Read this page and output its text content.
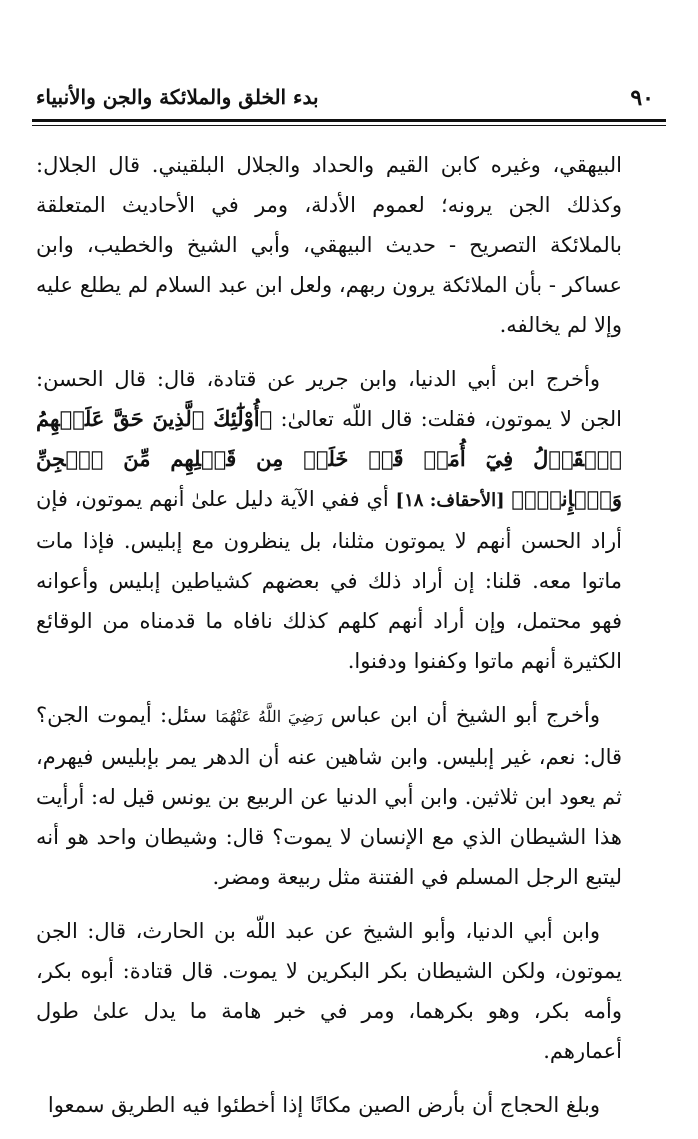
٩٠
بدء الخلق والملائكة والجن والأنبياء

البيهقي، وغيره كابن القيم والحداد والجلال البلقيني. قال الجلال: وكذلك الجن يرونه؛ لعموم الأدلة، ومر في الأحاديث المتعلقة بالملائكة التصريح - حديث البيهقي، وأبي الشيخ والخطيب، وابن عساكر - بأن الملائكة يرون ربهم، ولعل ابن عبد السلام لم يطلع عليه وإلا لم يخالفه.

وأخرج ابن أبي الدنيا، وابن جرير عن قتادة، قال: قال الحسن: الجن لا يموتون، فقلت: قال اللّه تعالىٰ: ﴿أُوْلَٰٓئِكَ ٱلَّذِينَ حَقَّ عَلَيۡهِمُ ٱلۡقَوۡلُ فِيٓ أُمَمٖ قَدۡ خَلَتۡ مِن قَبۡلِهِم مِّنَ ٱلۡجِنِّ وَٱلۡإِنسِۖ﴾ [الأحقاف: ١٨] أي ففي الآية دليل علىٰ أنهم يموتون، فإن أراد الحسن أنهم لا يموتون مثلنا، بل ينظرون مع إبليس. فإذا مات ماتوا معه. قلنا: إن أراد ذلك في بعضهم كشياطين إبليس وأعوانه فهو محتمل، وإن أراد أنهم كلهم كذلك نافاه ما قدمناه من الوقائع الكثيرة أنهم ماتوا وكفنوا ودفنوا.

وأخرج أبو الشيخ أن ابن عباس رَضِيَ اللَّهُ عَنْهُمَا سئل: أيموت الجن؟ قال: نعم، غير إبليس. وابن شاهين عنه أن الدهر يمر بإبليس فيهرم، ثم يعود ابن ثلاثين. وابن أبي الدنيا عن الربيع بن يونس قيل له: أرأيت هذا الشيطان الذي مع الإنسان لا يموت؟ قال: وشيطان واحد هو أنه ليتبع الرجل المسلم في الفتنة مثل ربيعة ومضر.

وابن أبي الدنيا، وأبو الشيخ عن عبد اللّه بن الحارث، قال: الجن يموتون، ولكن الشيطان بكر البكرين لا يموت. قال قتادة: أبوه بكر، وأمه بكر، وهو بكرهما، ومر في خبر هامة ما يدل علىٰ طول أعمارهم.

وبلغ الحجاج أن بأرض الصين مكانًا إذا أخطئوا فيه الطريق سمعوا
